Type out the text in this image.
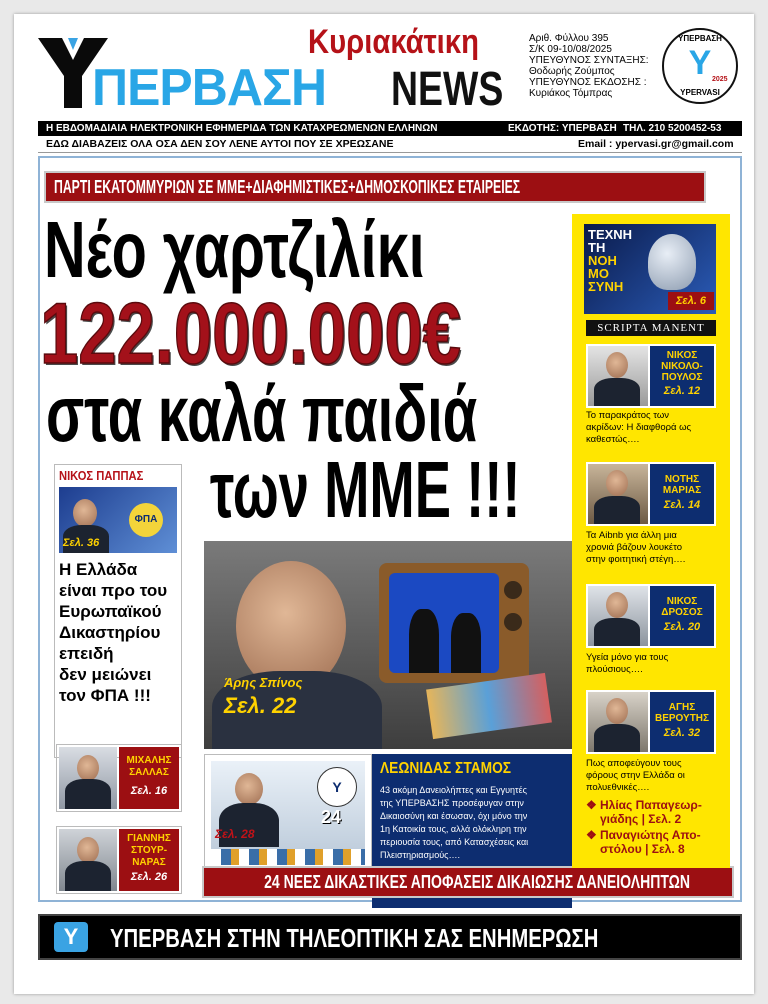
ΠΕΡΒΑΣΗ NEWS
Κυριακάτικη	Αριθ. Φύλλου 395
Σ/Κ 09-10/08/2025
ΥΠΕΥΘΥΝΟΣ ΣΥΝΤΑΞΗΣ:
Θοδωρής Ζούμπος
ΥΠΕΥΘΥΝΟΣ ΕΚΔΟΣΗΣ :
Κυριάκος Τόμπρας
ΥΠΕΡΒΑΣΗ
Y 2025
YPERVASI
Η ΕΒΔΟΜΑΔΙΑΙΑ ΗΛΕΚΤΡΟΝΙΚΗ ΕΦΗΜΕΡΙΔΑ ΤΩΝ ΚΑΤΑΧΡΕΩΜΕΝΩΝ ΕΛΛΗΝΩΝ	ΕΚΔΟΤΗΣ: ΥΠΕΡΒΑΣΗ ΤΗΛ. 210 5200452-53
ΕΔΩ ΔΙΑΒΑΖΕΙΣ ΟΛΑ ΟΣΑ ΔΕΝ ΣΟΥ ΛΕΝΕ ΑΥΤΟΙ ΠΟΥ ΣΕ ΧΡΕΩΣΑΝΕ	Email : ypervasi.gr@gmail.com
ΠΑΡΤΙ ΕΚΑΤΟΜΜΥΡΙΩΝ ΣΕ ΜΜΕ+ΔΙΑΦΗΜΙΣΤΙΚΕΣ+ΔΗΜΟΣΚΟΠΙΚΕΣ ΕΤΑΙΡΕΙΕΣ
Νέο χαρτζιλίκι
122.000.000€
στα καλά παιδιά
των ΜΜΕ !!!
ΝΙΚΟΣ ΠΑΠΠΑΣ
ΦΠΑ
Σελ. 36
Η Ελλάδα
είναι προ του
Ευρωπαϊκού
Δικαστηρίου
επειδή
δεν μειώνει
τον ΦΠΑ !!!
ΜΙΧΑΛΗΣ
ΣΑΛΛΑΣ
Σελ. 16
ΓΙΑΝΝΗΣ
ΣΤΟΥΡ-
ΝΑΡΑΣ
Σελ. 26
Άρης Σπίνος
Σελ. 22
Y
24
Σελ. 28
ΛΕΩΝΙΔΑΣ ΣΤΑΜΟΣ
43 ακόμη Δανειολήπτες και Εγγυητές
της ΥΠΕΡΒΑΣΗΣ προσέφυγαν στην
Δικαιοσύνη και έσωσαν, όχι μόνο την
1η Κατοικία τους, αλλά ολόκληρη την
περιουσία τους, από Κατασχέσεις και
Πλειστηριασμούς….
24 ΝΕΕΣ ΔΙΚΑΣΤΙΚΕΣ ΑΠΟΦΑΣΕΙΣ ΔΙΚΑΙΩΣΗΣ ΔΑΝΕΙΟΛΗΠΤΩΝ
ΤΕΧΝΗ
ΤΗ
ΝΟΗ
ΜΟ
ΣΥΝΗ
Σελ. 6
SCRIPTA MANENT
ΝΙΚΟΣ
ΝΙΚΟΛΟ-
ΠΟΥΛΟΣ
Σελ. 12
Το παρακράτος των
ακρίδων: Η διαφθορά ως
καθεστώς….
ΝΟΤΗΣ
ΜΑΡΙΑΣ
Σελ. 14
Τα Aibnb για άλλη μια
χρονιά βάζουν λουκέτο
στην φοιτητική στέγη….
ΝΙΚΟΣ
ΔΡΟΣΟΣ
Σελ. 20
Υγεία μόνο για τους
πλούσιους….
ΑΓΗΣ
ΒΕΡΟΥΤΗΣ
Σελ. 32
Πως αποφεύγουν τους
φόρους στην Ελλάδα οι
πολυεθνικές….
❖ Ηλίας Παπαγεωρ-
γιάδης | Σελ. 2
❖ Παναγιώτης Απο-
στόλου | Σελ. 8
Y	ΥΠΕΡΒΑΣΗ ΣΤΗΝ ΤΗΛΕΟΠΤΙΚΗ ΣΑΣ ΕΝΗΜΕΡΩΣΗ
